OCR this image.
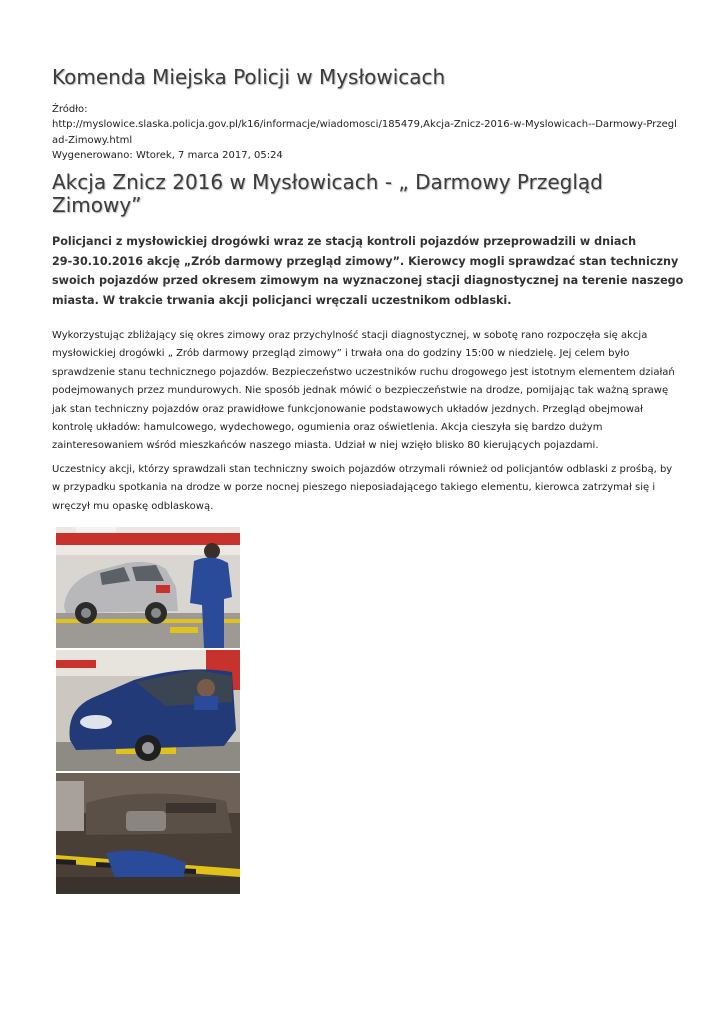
Komenda Miejska Policji w Mysłowicach
Źródło:
http://myslowice.slaska.policja.gov.pl/k16/informacje/wiadomosci/185479,Akcja-Znicz-2016-w-Myslowicach--Darmowy-Przegl
ad-Zimowy.html
Wygenerowano: Wtorek, 7 marca 2017, 05:24
Akcja Znicz 2016 w Mysłowicach - „ Darmowy Przegląd Zimowy”
Policjanci z mysłowickiej drogówki wraz ze stacją kontroli pojazdów przeprowadzili w dniach
29-30.10.2016 akcję „Zrób darmowy przegląd zimowy”. Kierowcy mogli sprawdzać stan techniczny
swoich pojazdów przed okresem zimowym na wyznaczonej stacji diagnostycznej na terenie naszego
miasta. W trakcie trwania akcji policjanci wręczali uczestnikom odblaski.
Wykorzystując zbliżający się okres zimowy oraz przychylność stacji diagnostycznej, w sobotę rano rozpoczęła się akcja
mysłowickiej drogówki „ Zrób darmowy przegląd zimowy” i trwała ona do godziny 15:00 w niedzielę. Jej celem było
sprawdzenie stanu technicznego pojazdów. Bezpieczeństwo uczestników ruchu drogowego jest istotnym elementem działań
podejmowanych przez mundurowych. Nie sposób jednak mówić o bezpieczeństwie na drodze, pomijając tak ważną sprawę
jak stan techniczny pojazdów oraz prawidłowe funkcjonowanie podstawowych układów jezdnych. Przegląd obejmował
kontrolę układów: hamulcowego, wydechowego, ogumienia oraz oświetlenia. Akcja cieszyła się bardzo dużym
zainteresowaniem wśród mieszkańców naszego miasta. Udział w niej wzięło blisko 80 kierujących pojazdami.
Uczestnicy akcji, którzy sprawdzali stan techniczny swoich pojazdów otrzymali również od policjantów odblaski z prośbą, by
w przypadku spotkania na drodze w porze nocnej pieszego nieposiadającego takiego elementu, kierowca zatrzymał się i
wręczył mu opaskę odblaskową.
